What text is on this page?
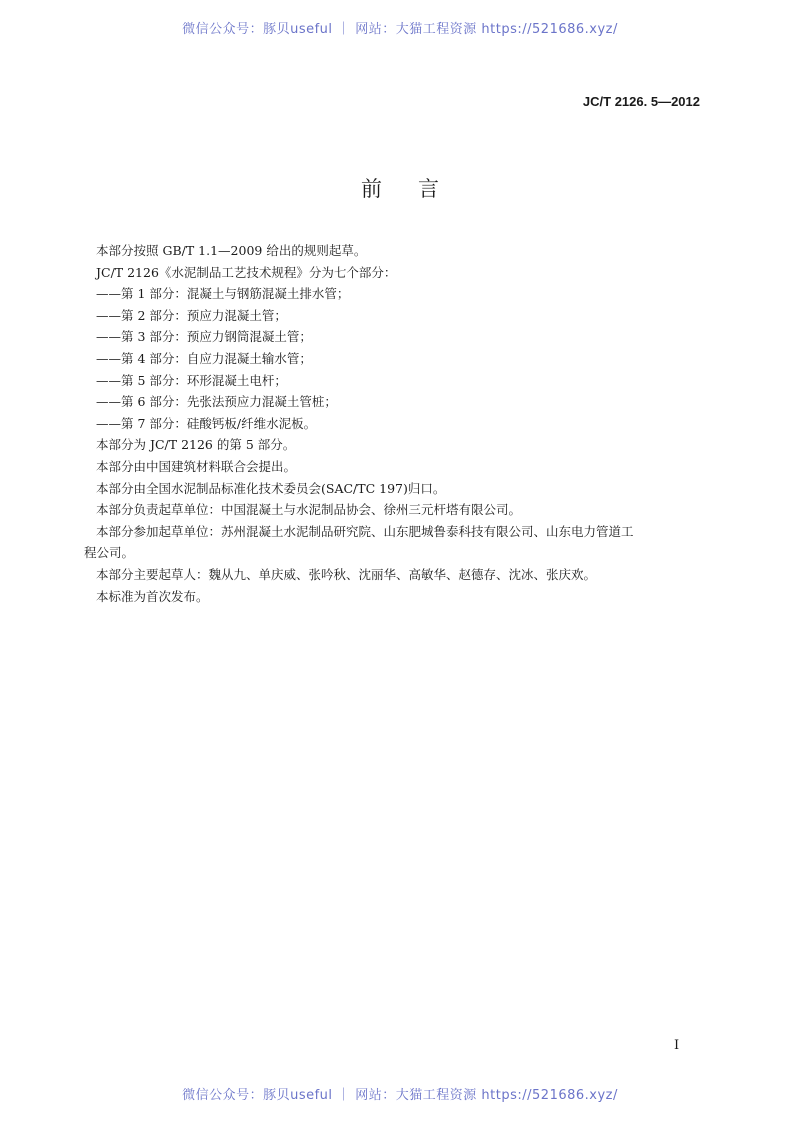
微信公众号：豚贝useful ｜ 网站：大猫工程资源 https://521686.xyz/
JC/T 2126. 5—2012
前言

本部分按照 GB/T 1.1—2009 给出的规则起草。

JC/T 2126《水泥制品工艺技术规程》分为七个部分：

——第 1 部分：混凝土与钢筋混凝土排水管；

——第 2 部分：预应力混凝土管；

——第 3 部分：预应力钢筒混凝土管；

——第 4 部分：自应力混凝土输水管；

——第 5 部分：环形混凝土电杆；

——第 6 部分：先张法预应力混凝土管桩；

——第 7 部分：硅酸钙板/纤维水泥板。

本部分为 JC/T 2126 的第 5 部分。

本部分由中国建筑材料联合会提出。

本部分由全国水泥制品标准化技术委员会(SAC/TC 197)归口。

本部分负责起草单位：中国混凝土与水泥制品协会、徐州三元杆塔有限公司。

本部分参加起草单位：苏州混凝土水泥制品研究院、山东肥城鲁泰科技有限公司、山东电力管道工

程公司。

本部分主要起草人：魏从九、单庆威、张吟秋、沈丽华、高敏华、赵德存、沈冰、张庆欢。

本标准为首次发布。

I
微信公众号：豚贝useful ｜ 网站：大猫工程资源 https://521686.xyz/
